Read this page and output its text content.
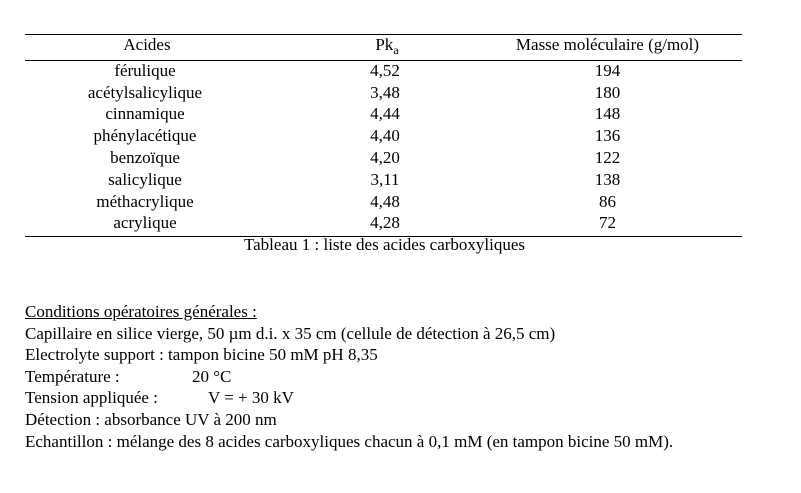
Acides	$Pk_a$	Masse moléculaire (g/mol)
férulique	4,52	194
acétylsalicylique	3,48	180
cinnamique	4,44	148
phénylacétique	4,40	136
benzoïque	4,20	122
salicylique	3,11	138
méthacrylique	4,48	86
acrylique	4,28	72
Tableau 1 : liste des acides carboxyliques
Conditions opératoires générales :
Capillaire en silice vierge, 50 µm d.i. x 35 cm (cellule de détection à 26,5 cm)
Electrolyte support : tampon bicine 50 mM pH 8,35
Température :	20 °C
Tension appliquée :	V = + 30 kV
Détection : absorbance UV à 200 nm
Echantillon : mélange des 8 acides carboxyliques chacun à 0,1 mM (en tampon bicine 50 mM).
